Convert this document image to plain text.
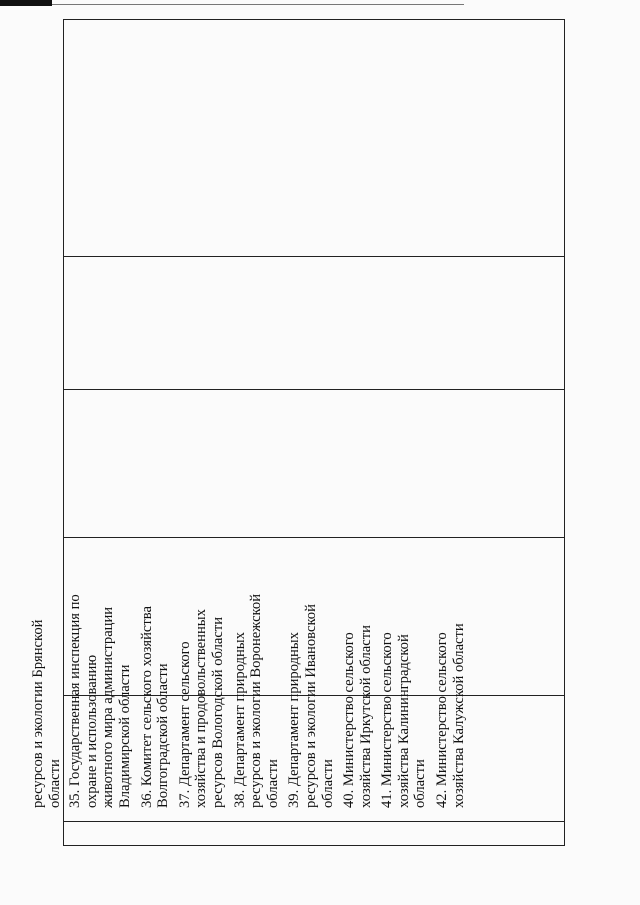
ресурсов и экологии Брянской
области 35. Государственная инспекция по
охране и использованию
животного мира администрации
Владимирской области
36. Комитет сельского хозяйства
Волгоградской области
37. Департамент сельского
хозяйства и продовольственных
ресурсов Вологодской области
38. Департамент природных
ресурсов и экологии Воронежской
области 39. Департамент природных
ресурсов и экологии Ивановской
области 40. Министерство сельского
хозяйства Иркутской области
41. Министерство сельского
хозяйства Калининградской
области 42. Министерство сельского
хозяйства Калужской области
